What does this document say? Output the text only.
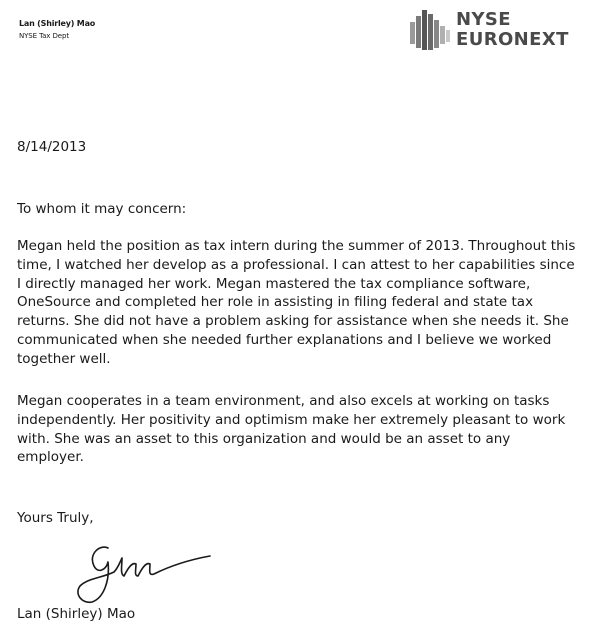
Lan (Shirley) Mao
NYSE Tax Dept
NYSE
EURONEXT
8/14/2013
To whom it may concern:

Megan held the position as tax intern during the summer of 2013. Throughout this time, I watched her develop as a professional. I can attest to her capabilities since I directly managed her work. Megan mastered the tax compliance software, OneSource and completed her role in assisting in filing federal and state tax returns. She did not have a problem asking for assistance when she needs it. She communicated when she needed further explanations and I believe we worked together well.

Megan cooperates in a team environment, and also excels at working on tasks independently. Her positivity and optimism make her extremely pleasant to work with. She was an asset to this organization and would be an asset to any employer.

Yours Truly,
Lan (Shirley) Mao
